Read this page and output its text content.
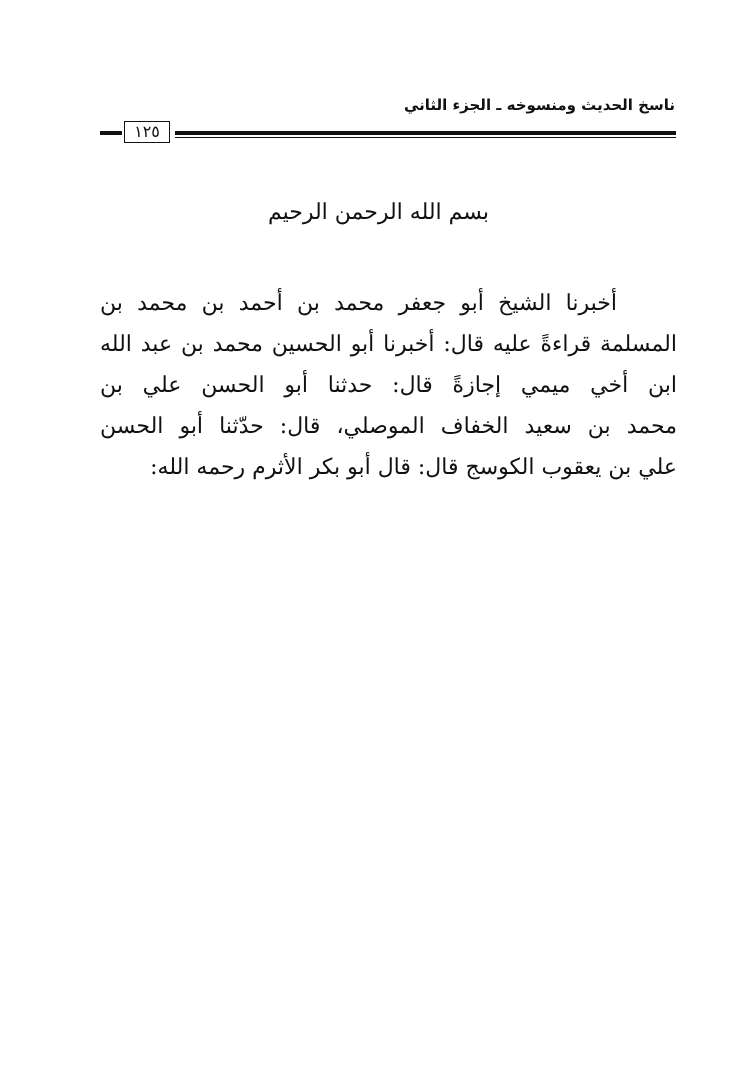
ناسخ الحديث ومنسوخه ـ الجزء الثاني
١٢٥
بسم الله الرحمن الرحيم
أخبرنا الشيخ أبو جعفر محمد بن أحمد بن محمد بن
المسلمة قراءةً عليه قال: أخبرنا أبو الحسين محمد بن عبد الله
ابن أخي ميمي إجازةً قال: حدثنا أبو الحسن علي بن
محمد بن سعيد الخفاف الموصلي، قال: حدّثنا أبو الحسن
علي بن يعقوب الكوسج قال: قال أبو بكر الأثرم رحمه الله:
